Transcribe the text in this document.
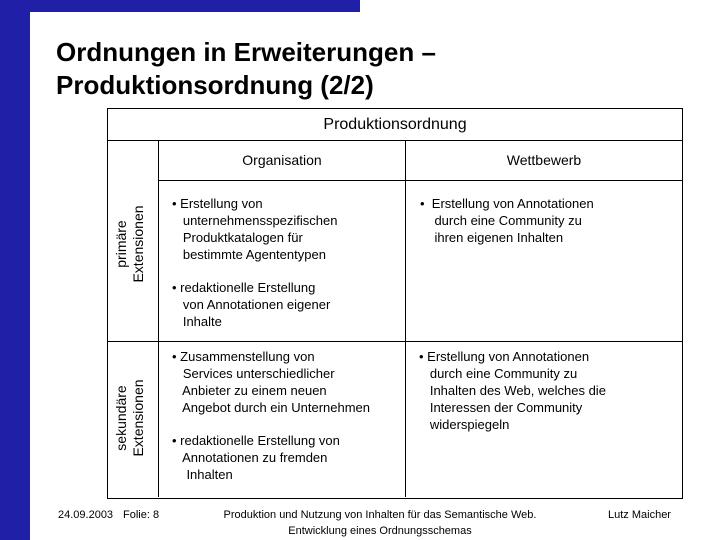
Ordnungen in Erweiterungen –
Produktionsordnung (2/2)
Produktionsordnung
Organisation	Wettbewerb
primäre Extensionen
sekundäre Extensionen
• Erstellung von
unternehmensspezifischen
Produktkatalogen für
bestimmte Agententypen
• redaktionelle Erstellung
von Annotationen eigener
Inhalte
•  Erstellung von Annotationen
durch eine Community zu
ihren eigenen Inhalten
• Zusammenstellung von
Services unterschiedlicher
Anbieter zu einem neuen
Angebot durch ein Unternehmen
• redaktionelle Erstellung von
Annotationen zu fremden
Inhalten
• Erstellung von Annotationen
durch eine Community zu
Inhalten des Web, welches die
Interessen der Community
widerspiegeln
24.09.2003 Folie: 8	Produktion und Nutzung von Inhalten für das Semantische Web.
Entwicklung eines Ordnungsschemas
Lutz Maicher
